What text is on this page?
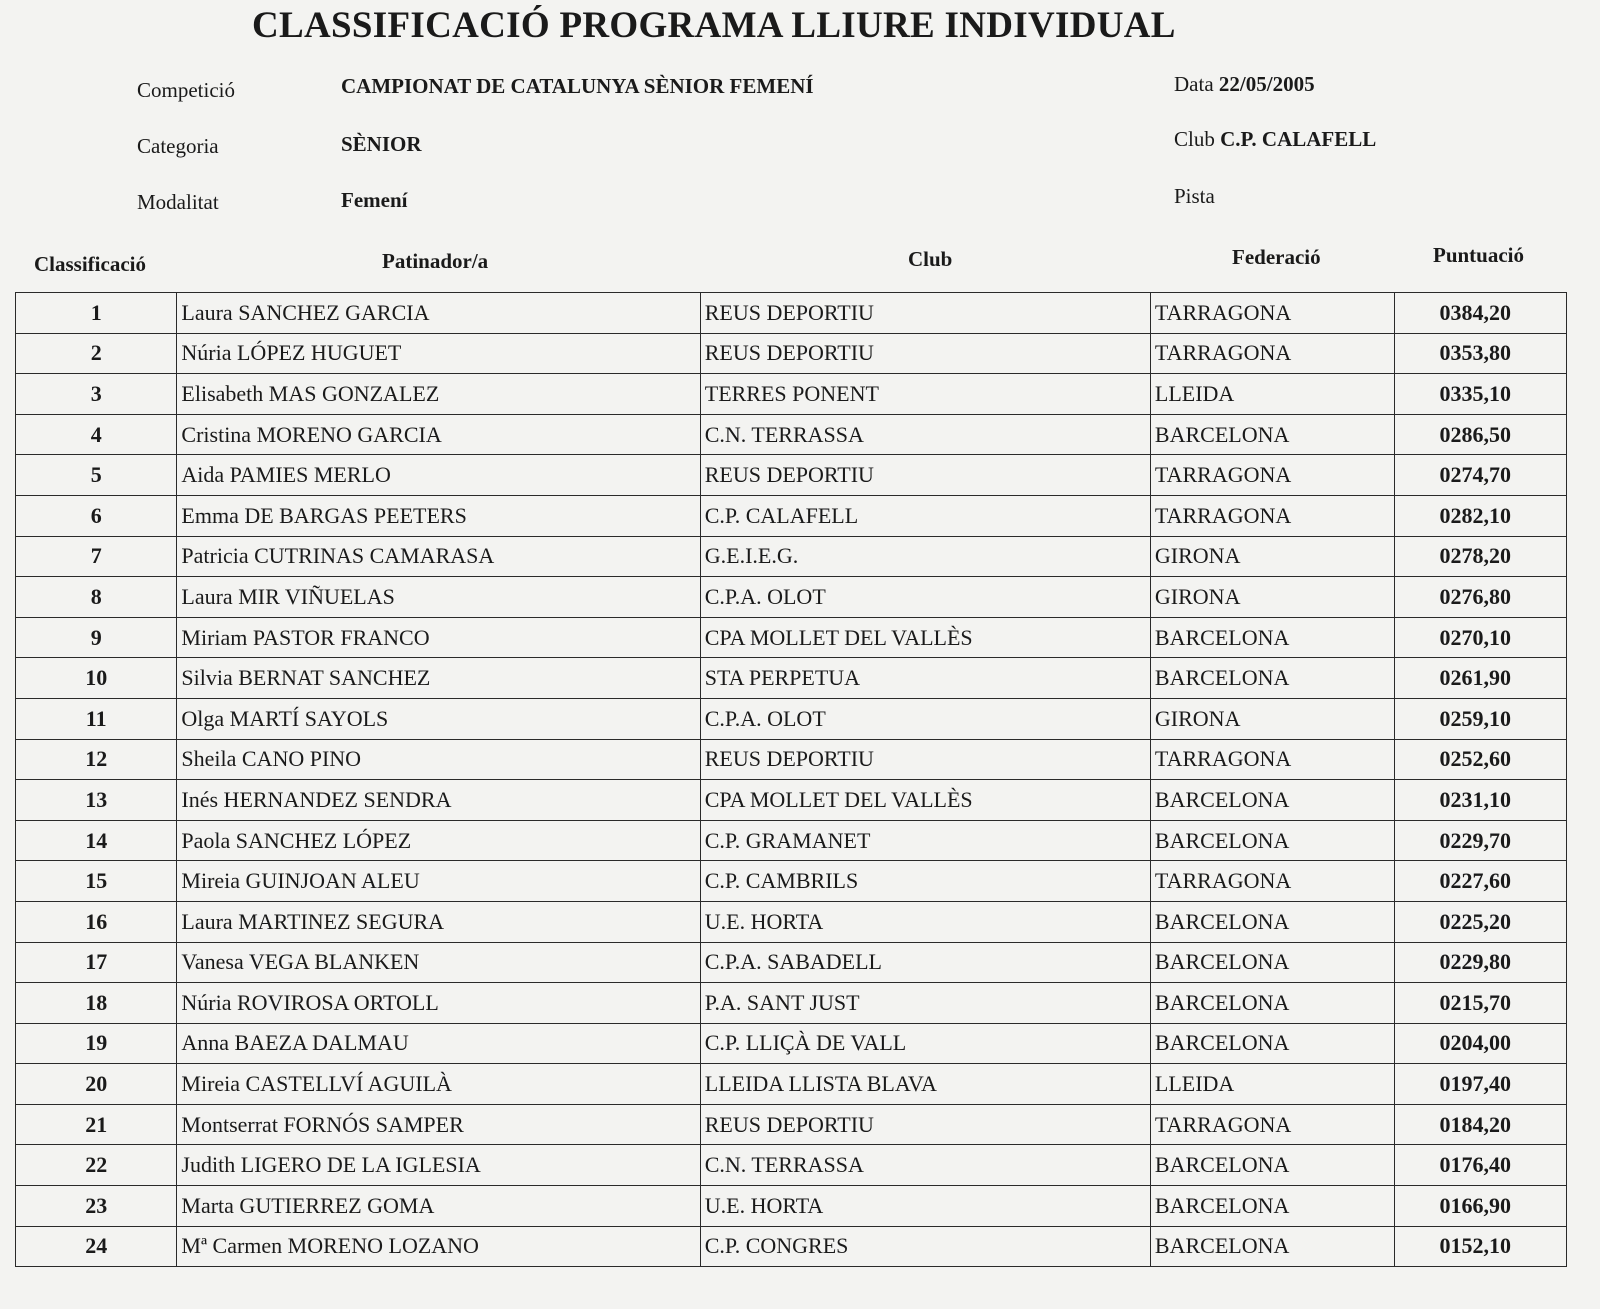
CLASSIFICACIÓ PROGRAMA LLIURE INDIVIDUAL
Competició	CAMPIONAT DE CATALUNYA SÈNIOR FEMENÍ
Categoria	SÈNIOR
Modalitat	Femení
Data 22/05/2005
Club C.P. CALAFELL
Pista
Classificació	Patinador/a	Club	Federació	Puntuació
1	Laura SANCHEZ GARCIA	REUS DEPORTIU	TARRAGONA	0384,20
2	Núria LÓPEZ HUGUET	REUS DEPORTIU	TARRAGONA	0353,80
3	Elisabeth MAS GONZALEZ	TERRES PONENT	LLEIDA	0335,10
4	Cristina MORENO GARCIA	C.N. TERRASSA	BARCELONA	0286,50
5	Aida PAMIES MERLO	REUS DEPORTIU	TARRAGONA	0274,70
6	Emma DE BARGAS PEETERS	C.P. CALAFELL	TARRAGONA	0282,10
7	Patricia CUTRINAS CAMARASA	G.E.I.E.G.	GIRONA	0278,20
8	Laura MIR VIÑUELAS	C.P.A. OLOT	GIRONA	0276,80
9	Miriam PASTOR FRANCO	CPA MOLLET DEL VALLÈS	BARCELONA	0270,10
10	Silvia BERNAT SANCHEZ	STA PERPETUA	BARCELONA	0261,90
11	Olga MARTÍ SAYOLS	C.P.A. OLOT	GIRONA	0259,10
12	Sheila CANO PINO	REUS DEPORTIU	TARRAGONA	0252,60
13	Inés HERNANDEZ SENDRA	CPA MOLLET DEL VALLÈS	BARCELONA	0231,10
14	Paola SANCHEZ LÓPEZ	C.P. GRAMANET	BARCELONA	0229,70
15	Mireia GUINJOAN ALEU	C.P. CAMBRILS	TARRAGONA	0227,60
16	Laura MARTINEZ SEGURA	U.E. HORTA	BARCELONA	0225,20
17	Vanesa VEGA BLANKEN	C.P.A. SABADELL	BARCELONA	0229,80
18	Núria ROVIROSA ORTOLL	P.A. SANT JUST	BARCELONA	0215,70
19	Anna BAEZA DALMAU	C.P. LLIÇÀ DE VALL	BARCELONA	0204,00
20	Mireia CASTELLVÍ AGUILÀ	LLEIDA LLISTA BLAVA	LLEIDA	0197,40
21	Montserrat FORNÓS SAMPER	REUS DEPORTIU	TARRAGONA	0184,20
22	Judith LIGERO DE LA IGLESIA	C.N. TERRASSA	BARCELONA	0176,40
23	Marta GUTIERREZ GOMA	U.E. HORTA	BARCELONA	0166,90
24	Mª Carmen MORENO LOZANO	C.P. CONGRES	BARCELONA	0152,10
